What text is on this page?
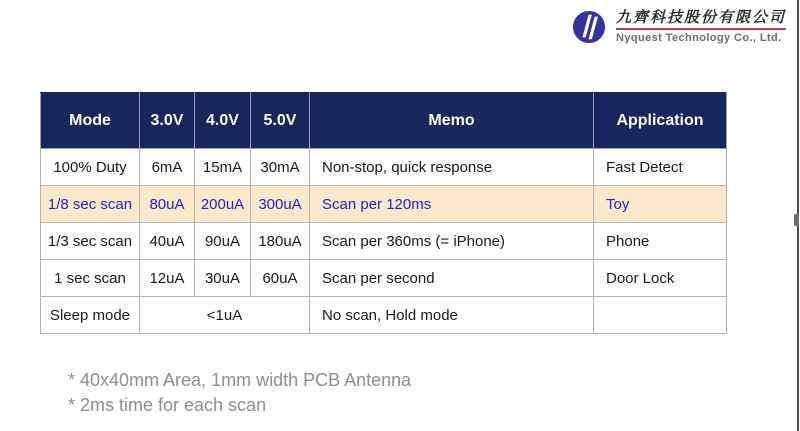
九齊科技股份有限公司
Nyquest Technology Co., Ltd.
Mode	3.0V	4.0V	5.0V	Memo	Application
100% Duty	6mA	15mA	30mA	Non-stop, quick response	Fast Detect
1/8 sec scan	80uA	200uA	300uA	Scan per 120ms	Toy
1/3 sec scan	40uA	90uA	180uA	Scan per 360ms (= iPhone)	Phone
1 sec scan	12uA	30uA	60uA	Scan per second	Door Lock
Sleep mode	<1uA			No scan, Hold mode	
* 40x40mm Area, 1mm width PCB Antenna
* 2ms time for each scan
